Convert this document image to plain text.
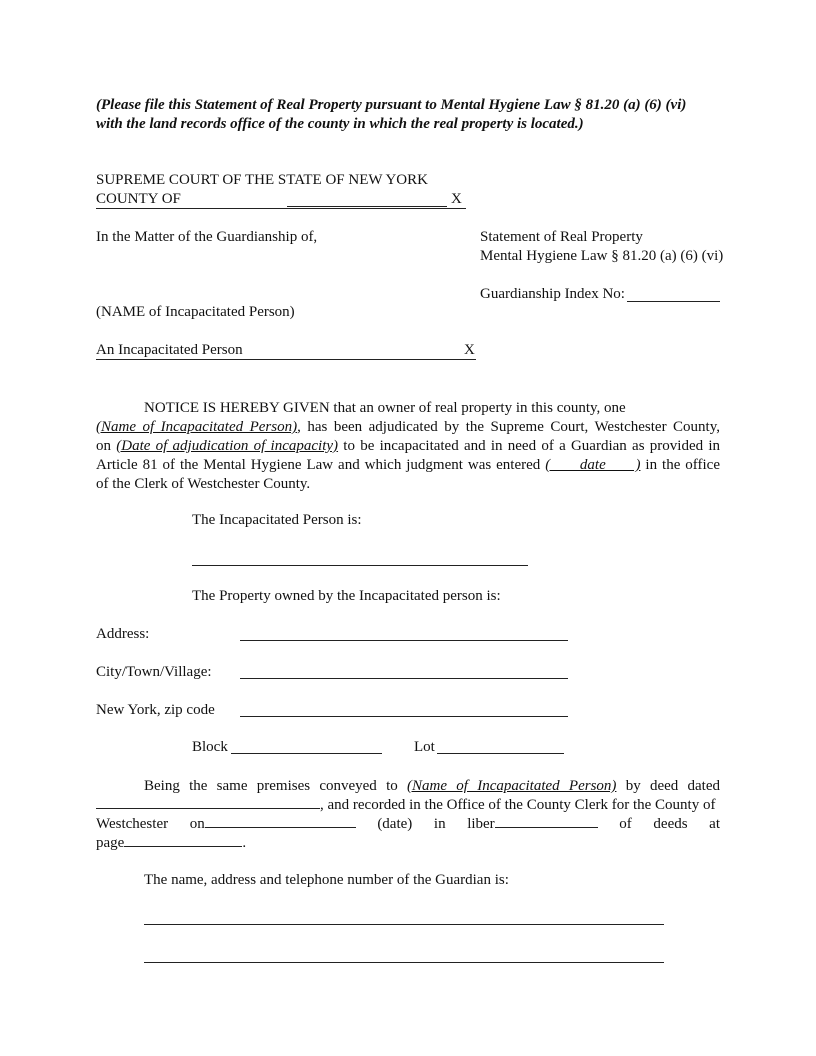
(Please file this Statement of Real Property pursuant to Mental Hygiene Law § 81.20 (a) (6) (vi)
with the land records office of the county in which the real property is located.)
SUPREME COURT OF THE STATE OF NEW YORK
COUNTY OF	X
In the Matter of the Guardianship of,
(NAME of Incapacitated Person)
An Incapacitated Person	X
Statement of Real Property
Mental Hygiene Law § 81.20 (a) (6) (vi)
Guardianship Index No:
NOTICE IS HEREBY GIVEN that an owner of real property in this county, one
(Name of Incapacitated Person), has been adjudicated by the Supreme Court, Westchester County,
on (Date of adjudication of incapacity) to be incapacitated and in need of a Guardian as provided in
Article 81 of the Mental Hygiene Law and which judgment was entered (      date      ) in the office
of the Clerk of Westchester County.
The Incapacitated Person is:
The Property owned by the Incapacitated person is:
Address:
City/Town/Village:
New York, zip code
Block	Lot
Being the same premises conveyed to (Name of Incapacitated Person) by deed dated
, and recorded in the Office of the County Clerk for the County of
Westchester on	(date) in liber	of deeds at
page	.
The name, address and telephone number of the Guardian is:
